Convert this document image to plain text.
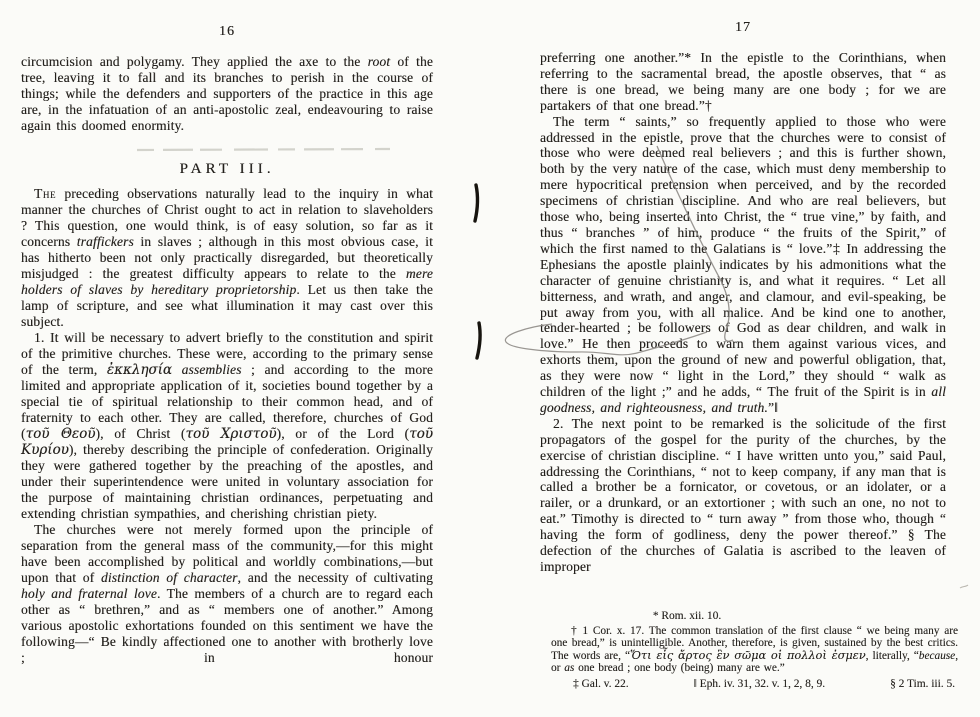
16

circumcision and polygamy. They applied the axe to the root of the tree, leaving it to fall and its branches to perish in the course of things; while the defenders and supporters of the practice in this age are, in the infatuation of an anti-apostolic zeal, endeavouring to raise again this doomed enormity.

PART III.

The preceding observations naturally lead to the inquiry in what manner the churches of Christ ought to act in relation to slaveholders ? This question, one would think, is of easy solution, so far as it concerns traffickers in slaves ; although in this most obvious case, it has hitherto been not only practically disregarded, but theoretically misjudged : the greatest difficulty appears to relate to the mere holders of slaves by hereditary proprietorship. Let us then take the lamp of scripture, and see what illumination it may cast over this subject.

1. It will be necessary to advert briefly to the constitution and spirit of the primitive churches. These were, according to the primary sense of the term, ἐκκλησία assemblies ; and according to the more limited and appropriate application of it, societies bound together by a special tie of spiritual relationship to their common head, and of fraternity to each other. They are called, therefore, churches of God (τοῦ Θεοῦ), of Christ (τοῦ Χριστοῦ), or of the Lord (τοῦ Κυρίου), thereby describing the principle of confederation. Originally they were gathered together by the preaching of the apostles, and under their superintendence were united in voluntary association for the purpose of maintaining christian ordinances, perpetuating and extending christian sympathies, and cherishing christian piety.

The churches were not merely formed upon the principle of separation from the general mass of the community,—for this might have been accomplished by political and worldly combinations,—but upon that of distinction of character, and the necessity of cultivating holy and fraternal love. The members of a church are to regard each other as “ brethren,” and as “ members one of another.” Among various apostolic exhortations founded on this sentiment we have the following—“ Be kindly affectioned one to another with brotherly love ; in honour

17

preferring one another.”* In the epistle to the Corinthians, when referring to the sacramental bread, the apostle observes, that “ as there is one bread, we being many are one body ; for we are partakers of that one bread.”†

The term “ saints,” so frequently applied to those who were addressed in the epistle, prove that the churches were to consist of those who were deemed real believers ; and this is further shown, both by the very nature of the case, which must deny membership to mere hypocritical pretension when perceived, and by the recorded specimens of christian discipline. And who are real believers, but those who, being inserted into Christ, the “ true vine,” by faith, and thus “ branches ” of him, produce “ the fruits of the Spirit,” of which the first named to the Galatians is “ love.”‡ In addressing the Ephesians the apostle plainly indicates by his admonitions what the character of genuine christianity is, and what it requires. “ Let all bitterness, and wrath, and anger, and clamour, and evil-speaking, be put away from you, with all malice. And be kind one to another, tender-hearted ; be followers of God as dear children, and walk in love.” He then proceeds to warn them against various vices, and exhorts them, upon the ground of new and powerful obligation, that, as they were now “ light in the Lord,” they should “ walk as children of the light ;” and he adds, “ The fruit of the Spirit is in all goodness, and righteousness, and truth.”‖

2. The next point to be remarked is the solicitude of the first propagators of the gospel for the purity of the churches, by the exercise of christian discipline. “ I have written unto you,” said Paul, addressing the Corinthians, “ not to keep company, if any man that is called a brother be a fornicator, or covetous, or an idolater, or a railer, or a drunkard, or an extortioner ; with such an one, no not to eat.” Timothy is directed to “ turn away ” from those who, though “ having the form of godliness, deny the power thereof.” § The defection of the churches of Galatia is ascribed to the leaven of improper

* Rom. xii. 10.
† 1 Cor. x. 17. The common translation of the first clause “ we being many are one bread,” is unintelligible. Another, therefore, is given, sustained by the best critics. The words are, “Ὅτι εἷς ἄρτος ἓν σῶμα οἱ πολλοὶ ἐσμεν, literally, “because, or as one bread ; one body (being) many are we.”
‡ Gal. v. 22.	‖ Eph. iv. 31, 32. v. 1, 2, 8, 9.	§ 2 Tim. iii. 5.
